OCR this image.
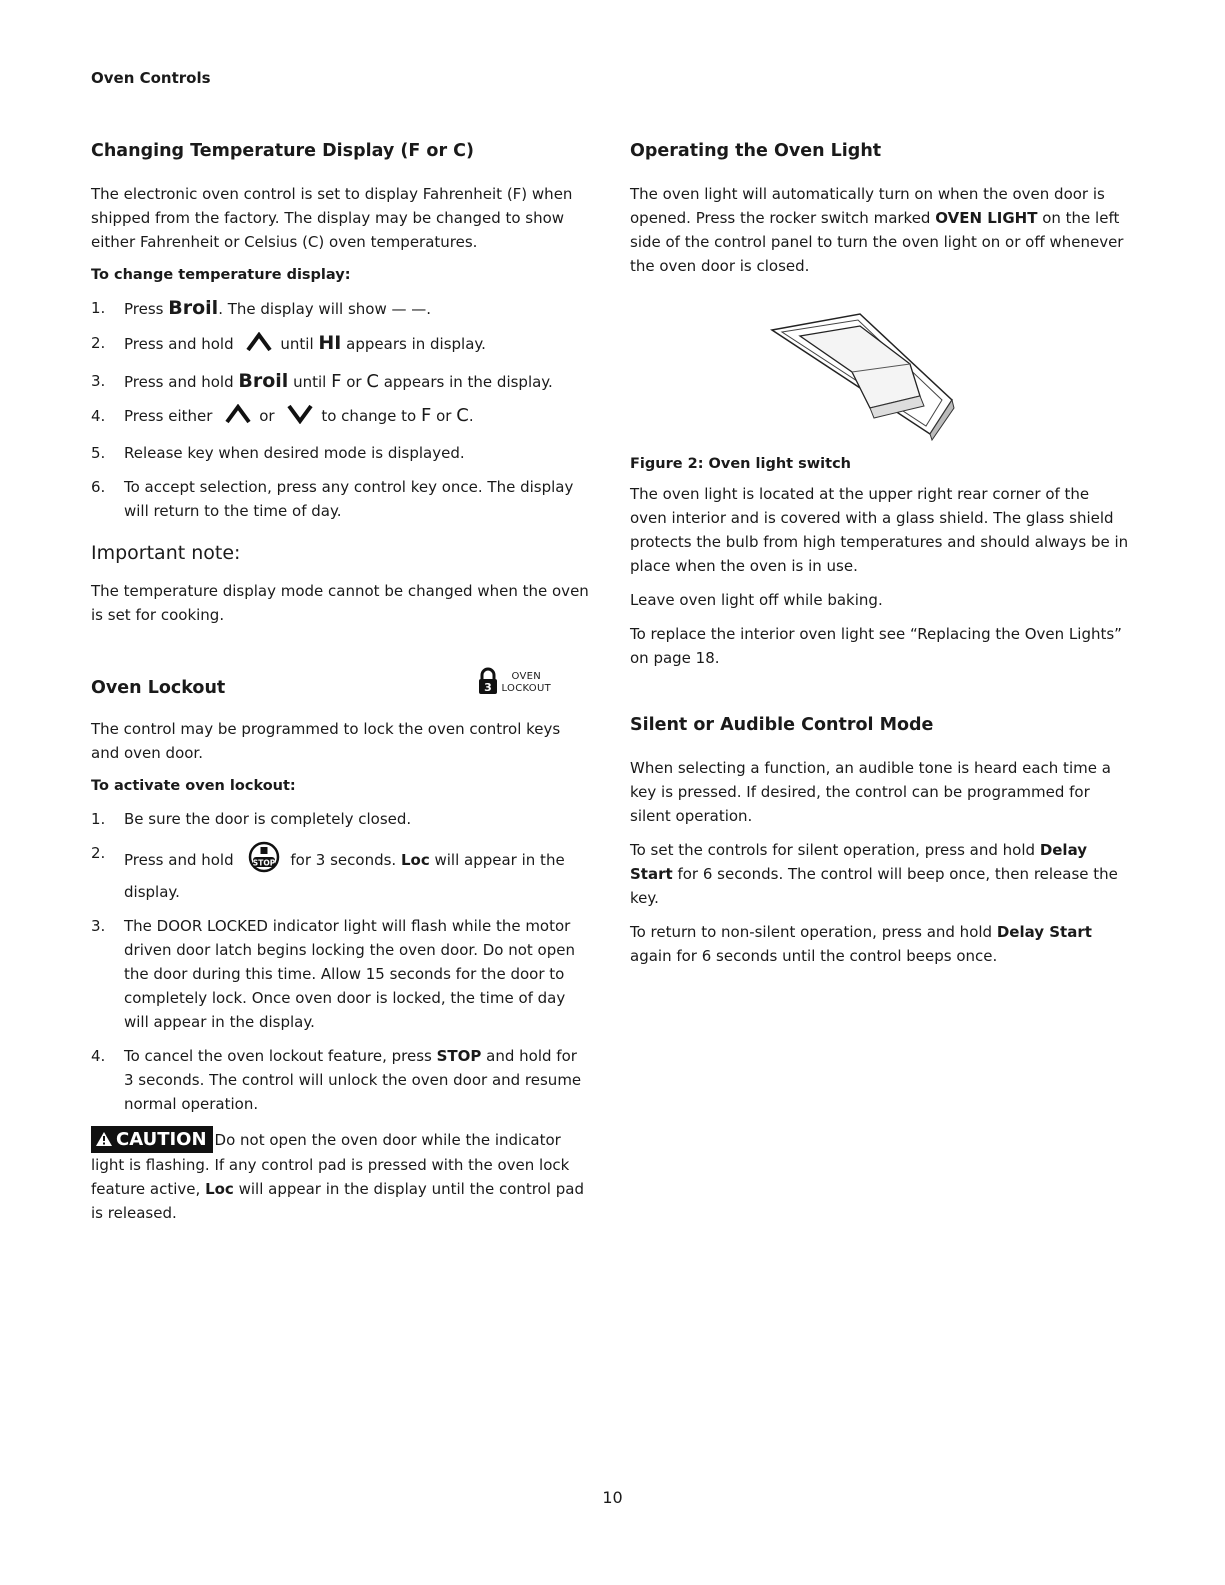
Oven Controls
Changing Temperature Display (F or C)

The electronic oven control is set to display Fahrenheit (F) when shipped from the factory. The display may be changed to show either Fahrenheit or Celsius (C) oven temperatures.

To change temperature display:
1. Press Broil. The display will show — —.
2. Press and hold	until HI appears in display.
3. Press and hold Broil until F or C appears in the display.
4. Press either	or	to change to F or C.
5. Release key when desired mode is displayed.
6. To accept selection, press any control key once. The display will return to the time of day.
Important note:

The temperature display mode cannot be changed when the oven is set for cooking.

Oven Lockout	3
OVEN
LOCKOUT

The control may be programmed to lock the oven control keys and oven door.

To activate oven lockout:
1. Be sure the door is completely closed.
2. Press and hold	STOP for 3 seconds. Loc will appear in the display.
3. The DOOR LOCKED indicator light will flash while the motor driven door latch begins locking the oven door. Do not open the door during this time. Allow 15 seconds for the door to completely lock. Once oven door is locked, the time of day will appear in the display.
4. To cancel the oven lockout feature, press STOP and hold for 3 seconds. The control will unlock the oven door and resume normal operation.
CAUTION Do not open the oven door while the indicator light is flashing. If any control pad is pressed with the oven lock feature active, Loc will appear in the display until the control pad is released.
Operating the Oven Light

The oven light will automatically turn on when the oven door is opened. Press the rocker switch marked OVEN LIGHT on the left side of the control panel to turn the oven light on or off whenever the oven door is closed.

Figure 2: Oven light switch

The oven light is located at the upper right rear corner of the oven interior and is covered with a glass shield. The glass shield protects the bulb from high temperatures and should always be in place when the oven is in use.

Leave oven light off while baking.

To replace the interior oven light see “Replacing the Oven Lights” on page 18.

Silent or Audible Control Mode

When selecting a function, an audible tone is heard each time a key is pressed. If desired, the control can be programmed for silent operation.

To set the controls for silent operation, press and hold Delay Start for 6 seconds. The control will beep once, then release the key.

To return to non-silent operation, press and hold Delay Start again for 6 seconds until the control beeps once.

10
